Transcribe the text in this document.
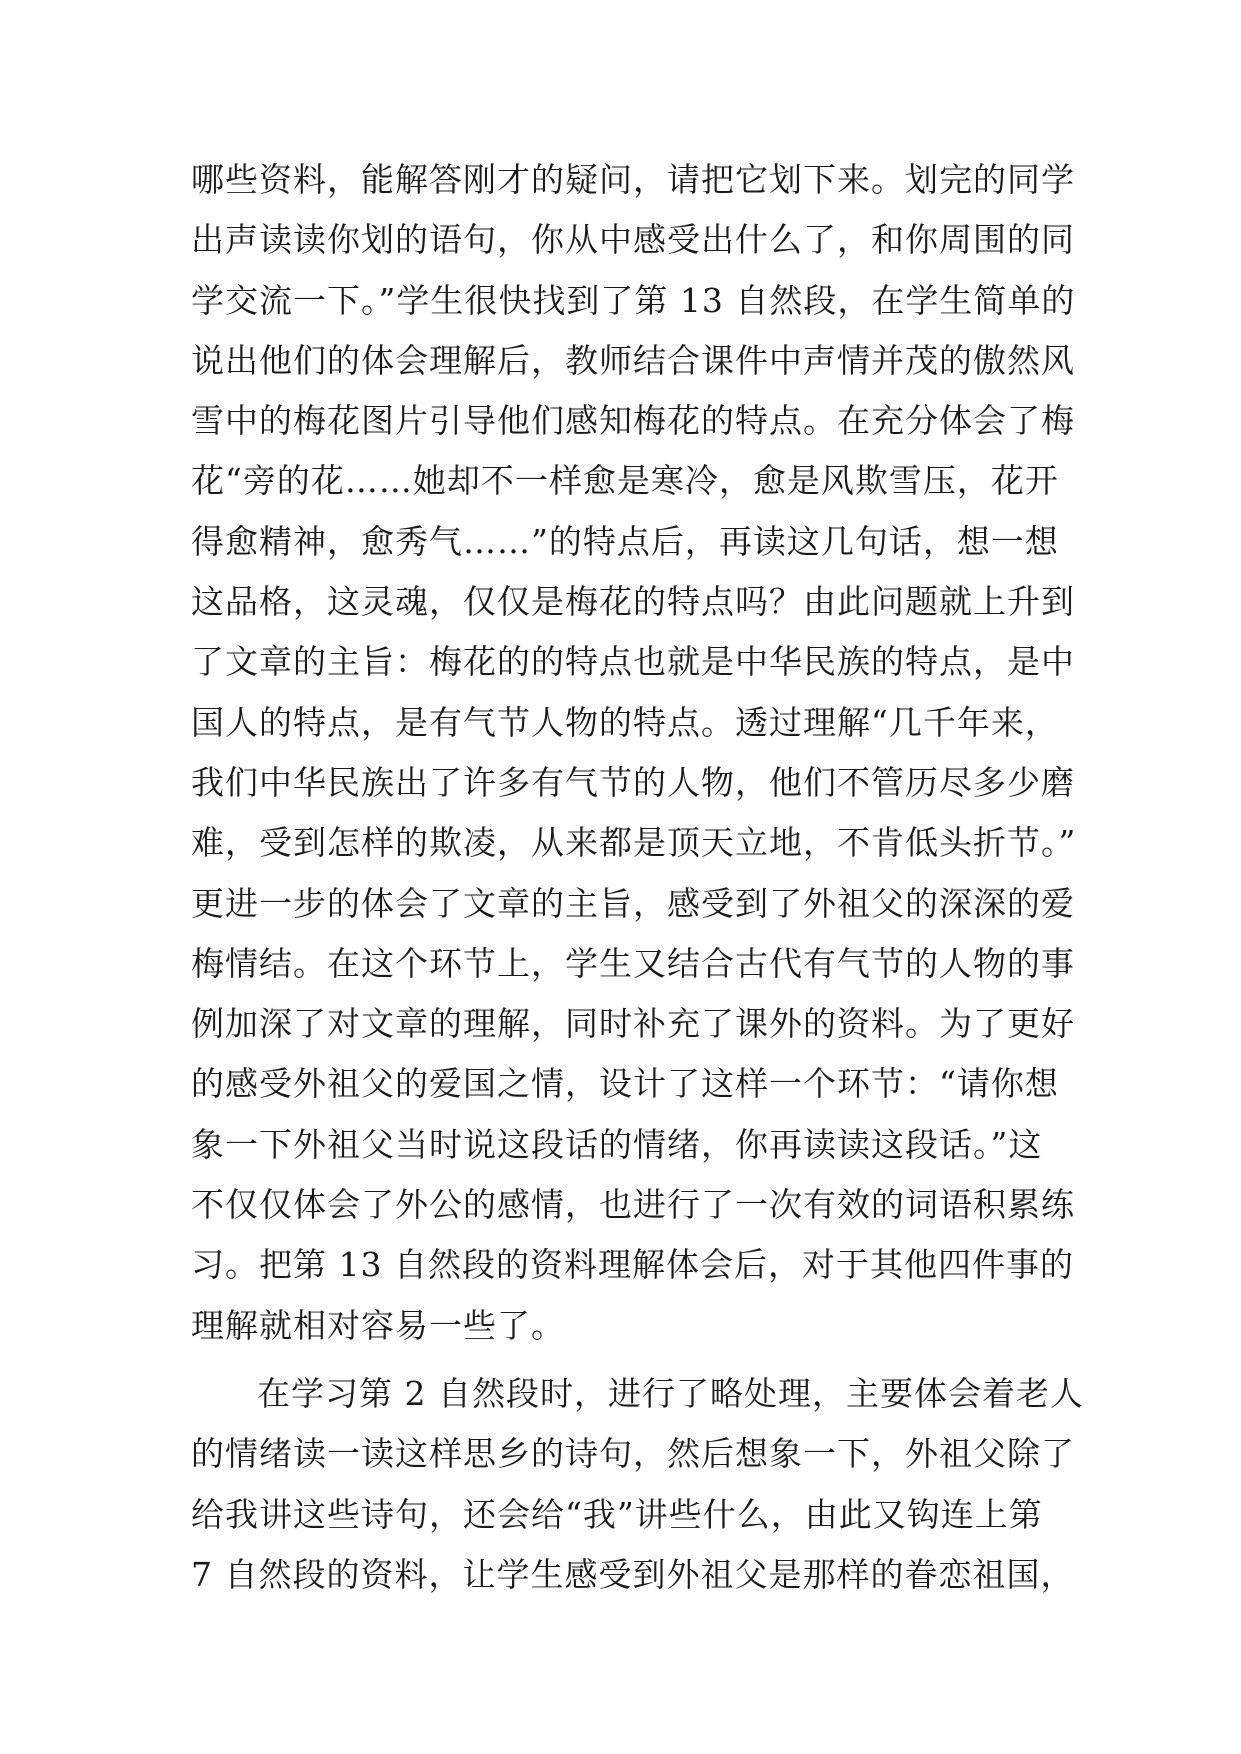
哪些资料，能解答刚才的疑问，请把它划下来。划完的同学
出声读读你划的语句，你从中感受出什么了，和你周围的同
学交流一下。”学生很快找到了第 13 自然段，在学生简单的
说出他们的体会理解后，教师结合课件中声情并茂的傲然风
雪中的梅花图片引导他们感知梅花的特点。在充分体会了梅
花“旁的花……她却不一样愈是寒冷，愈是风欺雪压，花开
得愈精神，愈秀气……”的特点后，再读这几句话，想一想
这品格，这灵魂，仅仅是梅花的特点吗？由此问题就上升到
了文章的主旨：梅花的的特点也就是中华民族的特点，是中
国人的特点，是有气节人物的特点。透过理解“几千年来，
我们中华民族出了许多有气节的人物，他们不管历尽多少磨
难，受到怎样的欺凌，从来都是顶天立地，不肯低头折节。”
更进一步的体会了文章的主旨，感受到了外祖父的深深的爱
梅情结。在这个环节上，学生又结合古代有气节的人物的事
例加深了对文章的理解，同时补充了课外的资料。为了更好
的感受外祖父的爱国之情，设计了这样一个环节：“请你想
象一下外祖父当时说这段话的情绪，你再读读这段话。”这
不仅仅体会了外公的感情，也进行了一次有效的词语积累练
习。把第 13 自然段的资料理解体会后，对于其他四件事的
理解就相对容易一些了。
在学习第 2 自然段时，进行了略处理，主要体会着老人
的情绪读一读这样思乡的诗句，然后想象一下，外祖父除了
给我讲这些诗句，还会给“我”讲些什么，由此又钩连上第
7 自然段的资料，让学生感受到外祖父是那样的眷恋祖国，
